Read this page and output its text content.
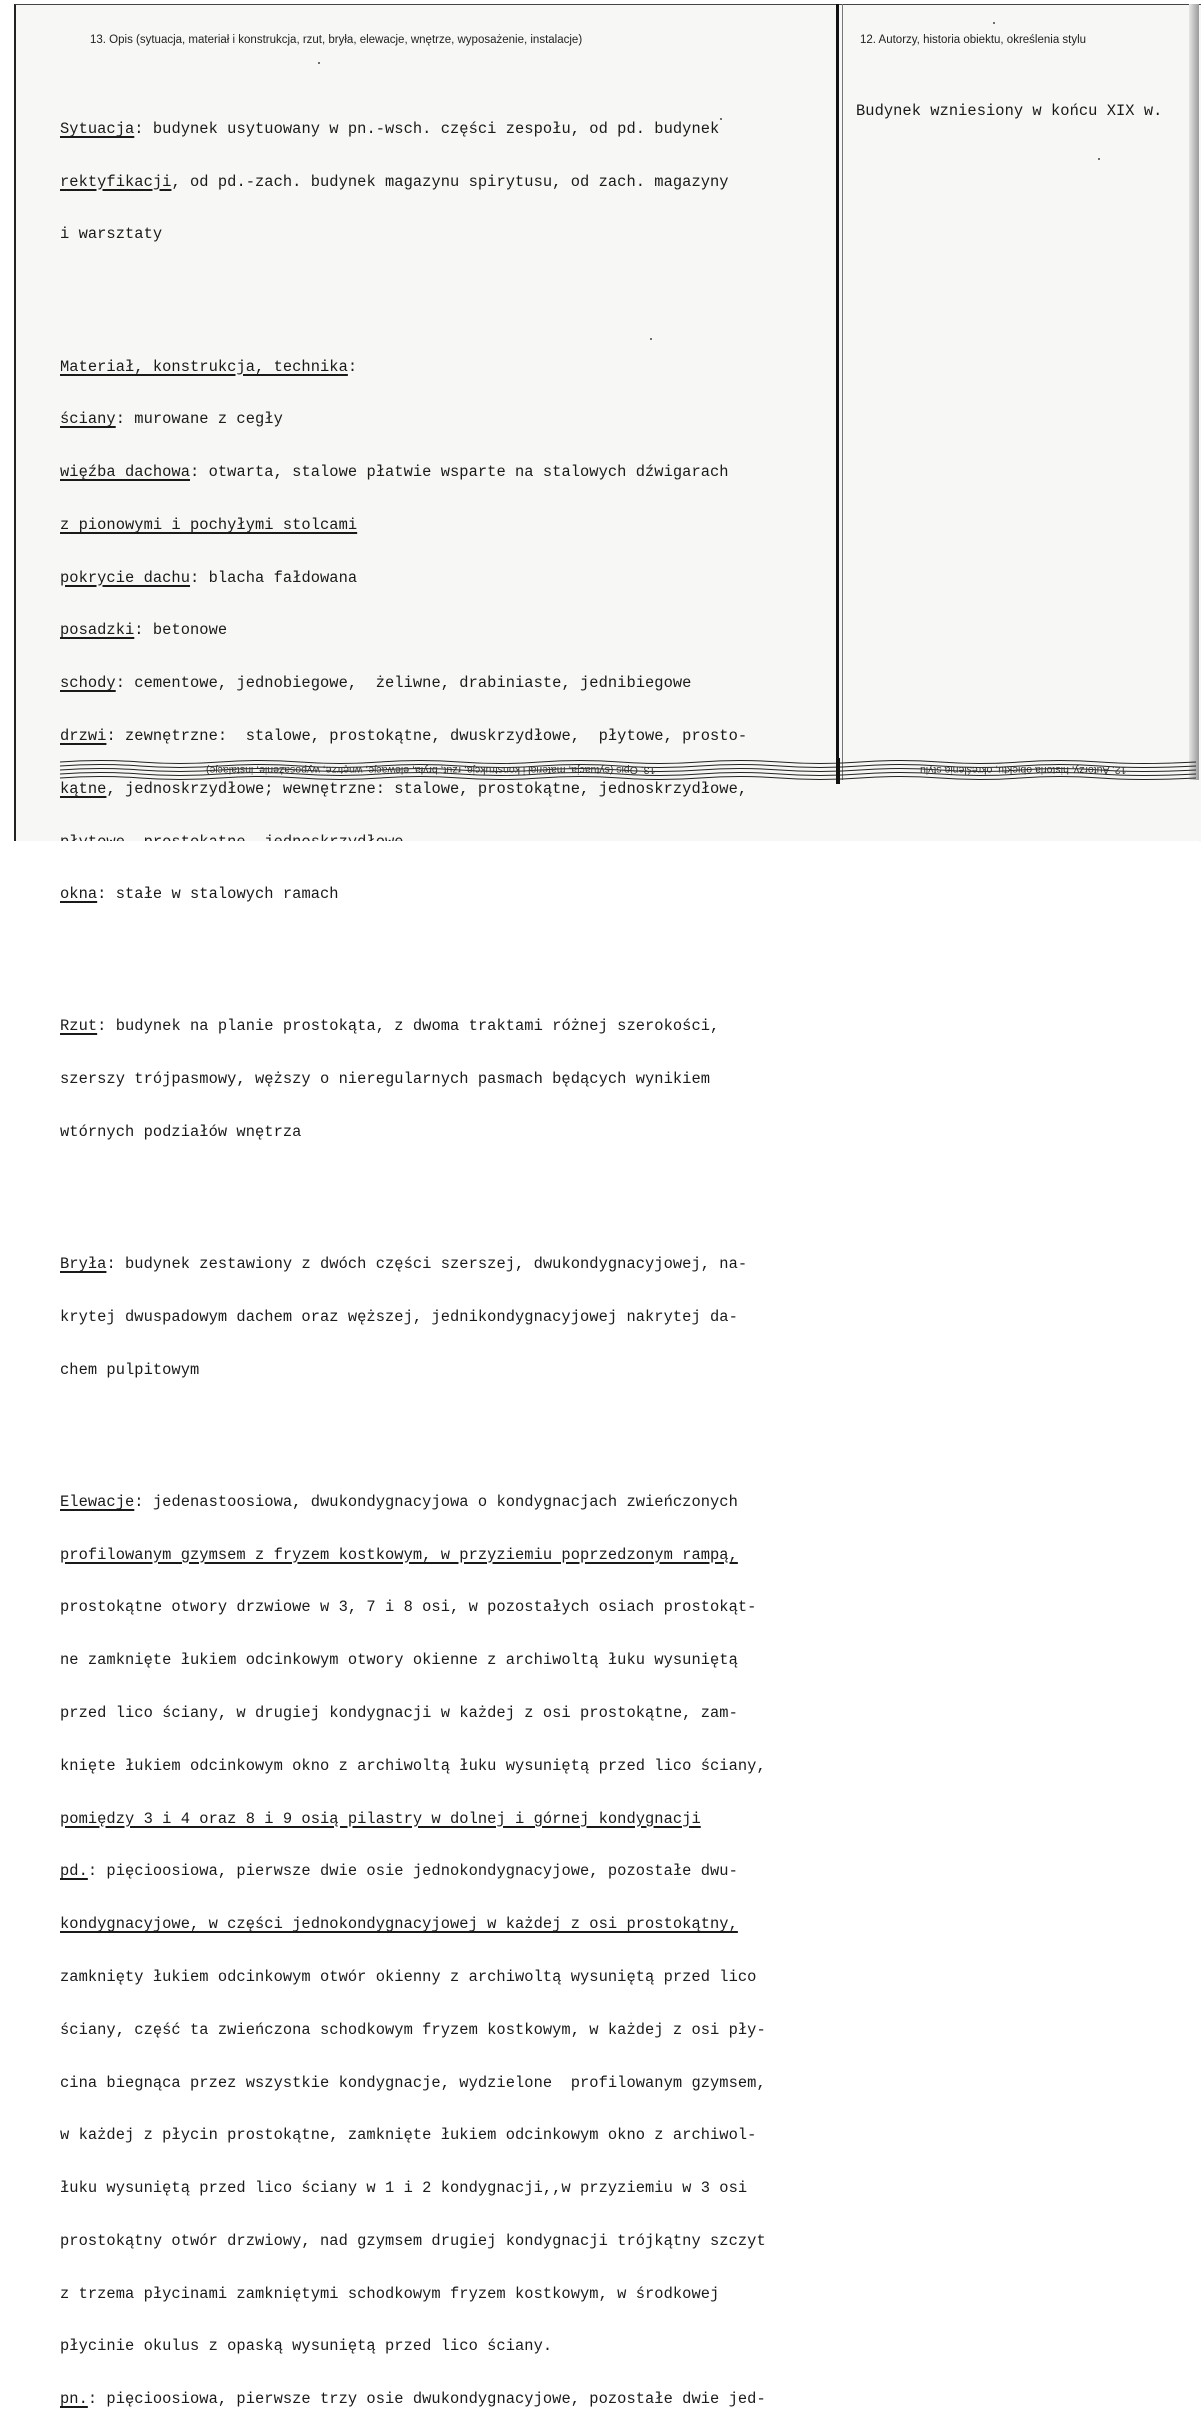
13. Opis (sytuacja, materiał i konstrukcja, rzut, bryła, elewacje, wnętrze, wyposażenie, instalacje)	12. Autorzy, historia obiektu, określenia stylu

Budynek wzniesiony w końcu XIX w.

Sytuacja: budynek usytuowany w pn.-wsch. części zespołu, od pd. budynek

rektyfikacji, od pd.-zach. budynek magazynu spirytusu, od zach. magazyny

i warsztaty

Materiał, konstrukcja, technika:

ściany: murowane z cegły

więźba dachowa: otwarta, stalowe płatwie wsparte na stalowych dźwigarach

z pionowymi i pochyłymi stolcami

pokrycie dachu: blacha fałdowana

posadzki: betonowe

schody: cementowe, jednobiegowe,  żeliwne, drabiniaste, jednibiegowe

drzwi: zewnętrzne:  stalowe, prostokątne, dwuskrzydłowe,  płytowe, prosto-

kątne, jednoskrzydłowe; wewnętrzne: stalowe, prostokątne, jednoskrzydłowe,

okna: stałe w stalowych ramach

Rzut: budynek na planie prostokąta, z dwoma traktami różnej szerokości,

szerszy trójpasmowy, węższy o nieregularnych pasmach będących wynikiem

wtórnych podziałów wnętrza

Bryła: budynek zestawiony z dwóch części szerszej, dwukondygnacyjowej, na-

krytej dwuspadowym dachem oraz węższej, jednikondygnacyjowej nakrytej da-

chem pulpitowym

Elewacje: jedenastoosiowa, dwukondygnacyjowa o kondygnacjach zwieńczonych

profilowanym gzymsem z fryzem kostkowym, w przyziemiu poprzedzonym rampą,

prostokątne otwory drzwiowe w 3, 7 i 8 osi, w pozostałych osiach prostokąt-

ne zamknięte łukiem odcinkowym otwory okienne z archiwoltą łuku wysuniętą

przed lico ściany, w drugiej kondygnacji w każdej z osi prostokątne, zam-

knięte łukiem odcinkowym okno z archiwoltą łuku wysuniętą przed lico ściany,

pomiędzy 3 i 4 oraz 8 i 9 osią pilastry w dolnej i górnej kondygnacji

pd.: pięcioosiowa, pierwsze dwie osie jednokondygnacyjowe, pozostałe dwu-

kondygnacyjowe, w części jednokondygnacyjowej w każdej z osi prostokątny,

zamknięty łukiem odcinkowym otwór okienny z archiwoltą wysuniętą przed lico

ściany, część ta zwieńczona schodkowym fryzem kostkowym, w każdej z osi pły-

cina biegnąca przez wszystkie kondygnacje, wydzielone  profilowanym gzymsem,

w każdej z płycin prostokątne, zamknięte łukiem odcinkowym okno z archiwol-

łuku wysuniętą przed lico ściany w 1 i 2 kondygnacji,,w przyziemiu w 3 osi

prostokątny otwór drzwiowy, nad gzymsem drugiej kondygnacji trójkątny szczyt

z trzema płycinami zamkniętymi schodkowym fryzem kostkowym, w środkowej

płycinie okulus z opaską wysuniętą przed lico ściany.

pn.: pięcioosiowa, pierwsze trzy osie dwukondygnacyjowe, pozostałe dwie jed-

13. Opis (sytuacja, materiał i konstrukcja, rzut, bryła, elewacje, wnętrze, wyposażenie, instalacje)	12. Autorzy, historia obiektu, określenia stylu
